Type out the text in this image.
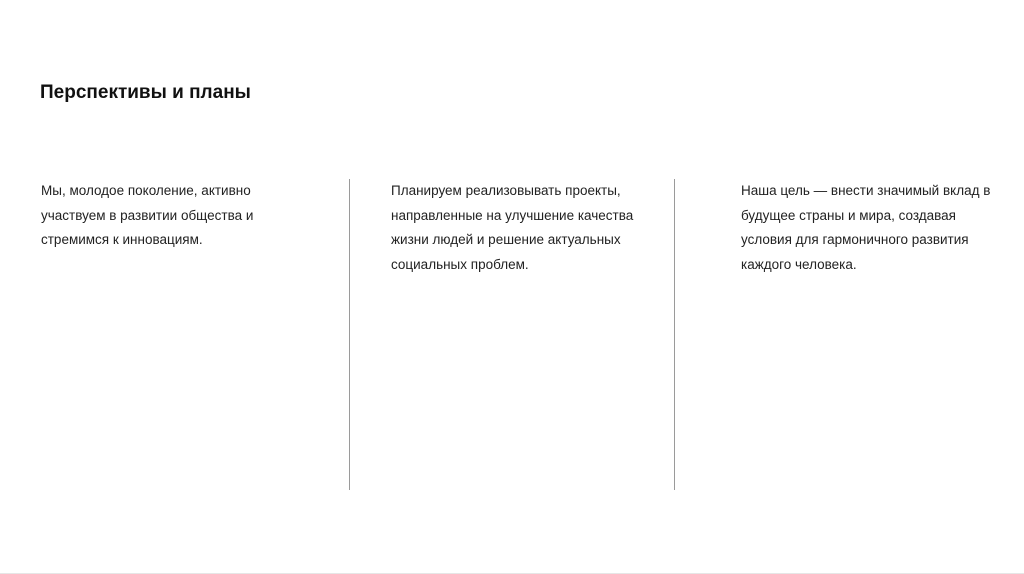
Перспективы и планы

Мы, молодое поколение, активно
участвуем в развитии общества и
стремимся к инновациям.

Планируем реализовывать проекты,
направленные на улучшение качества
жизни людей и решение актуальных
социальных проблем.

Наша цель — внести значимый вклад в
будущее страны и мира, создавая
условия для гармоничного развития
каждого человека.
